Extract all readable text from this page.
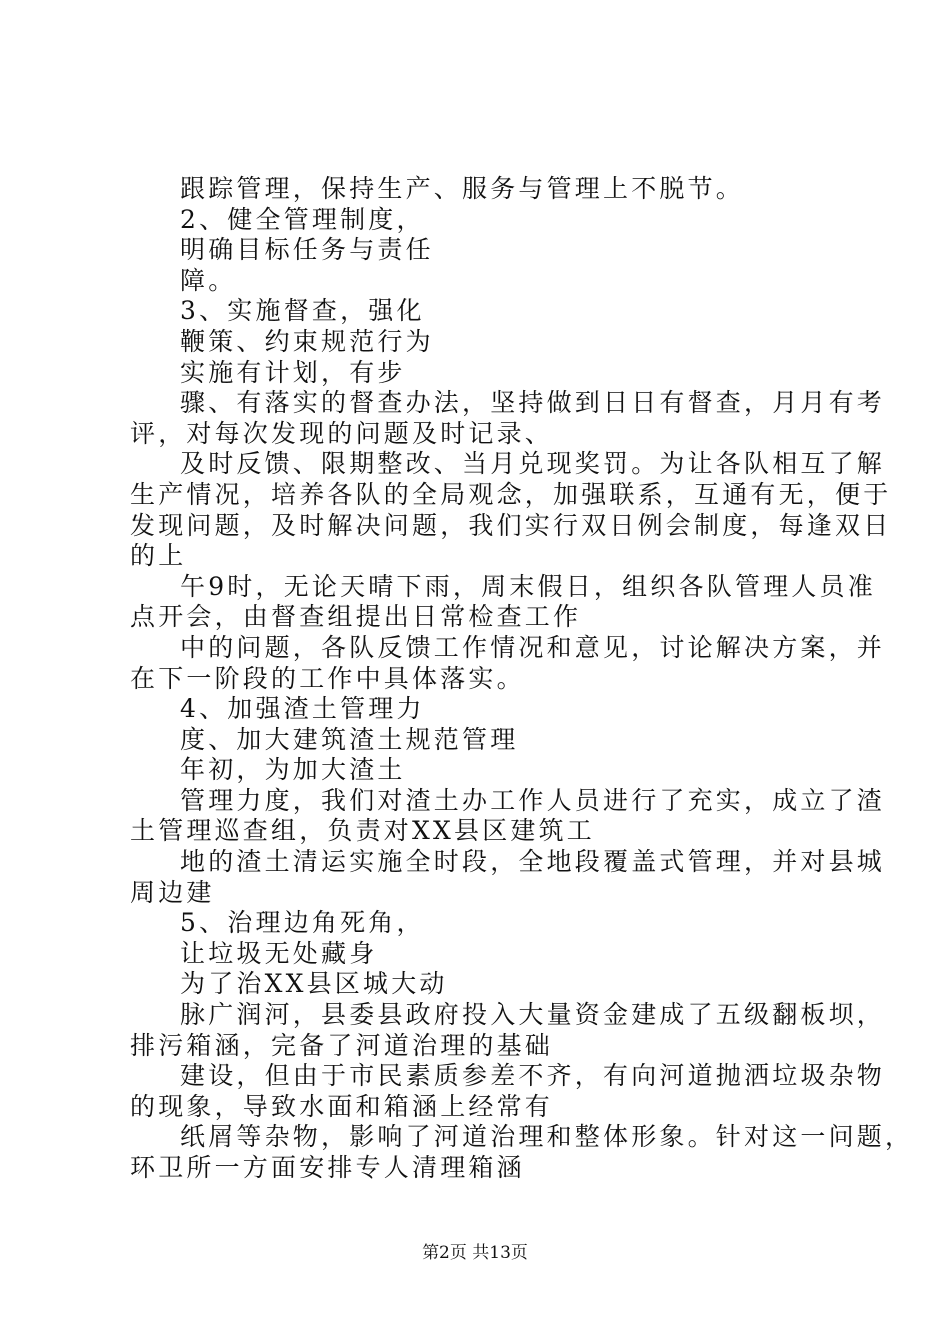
跟踪管理，保持生产、服务与管理上不脱节。
2、健全管理制度，
明确目标任务与责任
障。
3、实施督查，强化
鞭策、约束规范行为
实施有计划，有步
骤、有落实的督查办法，坚持做到日日有督查，月月有考
评，对每次发现的问题及时记录、
及时反馈、限期整改、当月兑现奖罚。为让各队相互了解
生产情况，培养各队的全局观念，加强联系，互通有无，便于
发现问题，及时解决问题，我们实行双日例会制度，每逢双日
的上
午9时，无论天晴下雨，周末假日，组织各队管理人员准
点开会，由督查组提出日常检查工作
中的问题，各队反馈工作情况和意见，讨论解决方案，并
在下一阶段的工作中具体落实。
4、加强渣土管理力
度、加大建筑渣土规范管理
年初，为加大渣土
管理力度，我们对渣土办工作人员进行了充实，成立了渣
土管理巡查组，负责对XX县区建筑工
地的渣土清运实施全时段，全地段覆盖式管理，并对县城
周边建
5、治理边角死角，
让垃圾无处藏身
为了治XX县区城大动
脉广润河，县委县政府投入大量资金建成了五级翻板坝，
排污箱涵，完备了河道治理的基础
建设，但由于市民素质参差不齐，有向河道抛洒垃圾杂物
的现象，导致水面和箱涵上经常有
纸屑等杂物，影响了河道治理和整体形象。针对这一问题，
环卫所一方面安排专人清理箱涵
第2页 共13页
